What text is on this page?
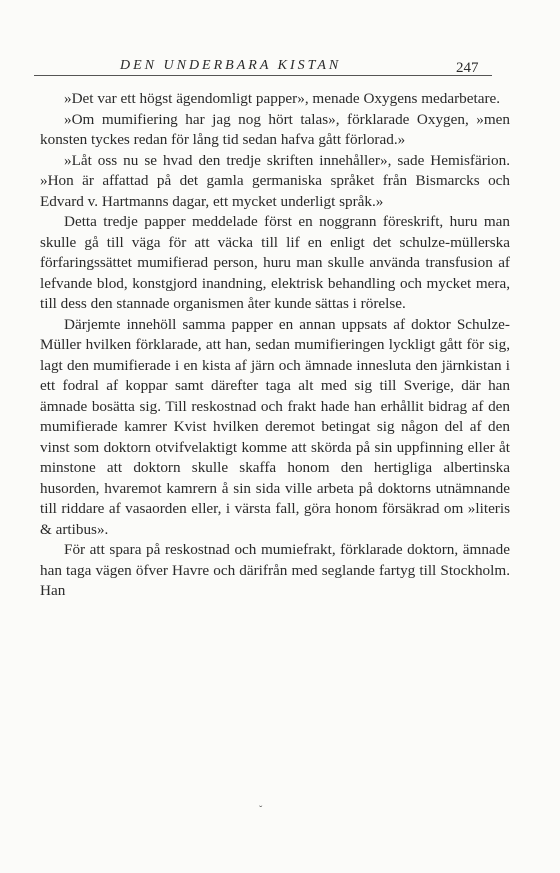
DEN UNDERBARA KISTAN	247

»Det var ett högst ägendomligt papper», menade Oxygens medarbetare.

»Om mumifiering har jag nog hört talas», förklarade Oxygen, »men konsten tyckes redan för lång tid sedan hafva gått förlorad.»

»Låt oss nu se hvad den tredje skriften innehåller», sade Hemisfärion. »Hon är affattad på det gamla germaniska språket från Bismarcks och Edvard v. Hartmanns dagar, ett mycket underligt språk.»

Detta tredje papper meddelade först en noggrann föreskrift, huru man skulle gå till väga för att väcka till lif en enligt det schulze-müllerska förfaringssättet mumifierad person, huru man skulle använda transfusion af lefvande blod, konstgjord inandning, elektrisk behandling och mycket mera, till dess den stannade organismen åter kunde sättas i rörelse.

Därjemte innehöll samma papper en annan uppsats af doktor Schulze-Müller hvilken förklarade, att han, sedan mumifieringen lyckligt gått för sig, lagt den mumifierade i en kista af järn och ämnade innesluta den järnkistan i ett fodral af koppar samt därefter taga alt med sig till Sverige, där han ämnade bosätta sig. Till reskostnad och frakt hade han erhållit bidrag af den mumifierade kamrer Kvist hvilken deremot betingat sig någon del af den vinst som doktorn otvifvelaktigt komme att skörda på sin uppfinning eller åt minstone att doktorn skulle skaffa honom den hertigliga albertinska husorden, hvaremot kamrern å sin sida ville arbeta på doktorns utnämnande till riddare af vasaorden eller, i värsta fall, göra honom försäkrad om »literis & artibus».

För att spara på reskostnad och mumiefrakt, förklarade doktorn, ämnade han taga vägen öfver Havre och därifrån med seglande fartyg till Stockholm. Han

ˇ
